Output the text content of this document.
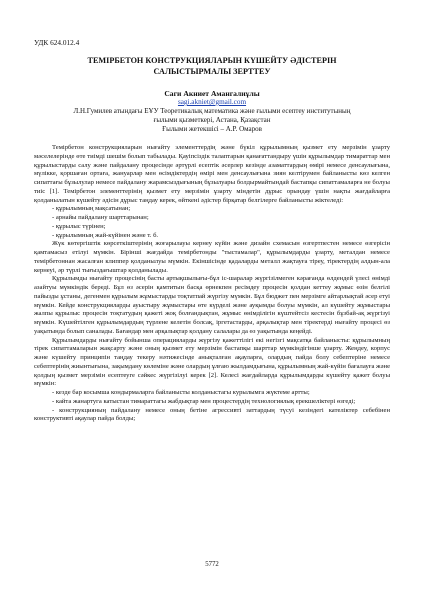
УДК 624.012.4
ТЕМІРБЕТОН КОНСТРУКЦИЯЛАРЫН КҮШЕЙТУ ӘДІСТЕРІН
САЛЫСТЫРМАЛЫ ЗЕРТТЕУ
Саги Акниет Амангалиұлы
sagi.akniet@gmail.com
Л.Н.Гумилев атындағы ЕҰУ Теоретикалық математика және ғылыми есептеу институтының
ғылыми қызметкері, Астана, Қазақстан
Ғылыми жетекшісі – А.Р. Омаров

Темірбетон конструкцияларын нығайту элементтердің және бүкіл құрылымның қызмет ету мерзімін ұзарту мәселелерінде өте тиімді шешім болып табылады. Қауіпсіздік талаптарын қанағаттандыру үшін құрылымдар тимараттар мен құрылыстарды салу және пайдалану процесінде әртүрлі есептік әсерлер кезінде азаматтардың өмірі немесе денсаулығына, мүлікке, қоршаған ортаға, жануарлар мен өсімдіктердің өмірі мен денсаулығына зиян келтірумен байланысты көз келген сипаттағы бұзылулар немесе пайдалану жарамсыздығының бұзылуары болдырмайтындай бастапқы сипаттамаларға не болуы тиіс [1]. Темірбетон элементтерінің қызмет ету мерзімін ұзарту міндетін дұрыс орындау үшін нақты жағдайларға қолданылатын күшейту әдісін дұрыс таңдау керек, өйткені әдістер бірқатар белгілерге байланысты жіктеледі:

- құрылымның мақсатынан;

- арнайы пайдалану шарттарынан;

- құрылыс түрінен;

- құрылымның жай-күйінен және т. б.

Жүк көтергіштік көрсеткіштерінің жоғарылауы кернеу күйін және дизайн схемасын өзгертпестен немесе өзгерісін қамтамасыз етілуі мүмкін. Бірінші жағдайда темірбетонды "тыстамалар", құрылымдарды ұзарту, металдан немесе темірбетоннан жасалған клиппер қолданылуы мүмкін. Екіншісінде қадаларды металл жақтауға тіреу, тіректердің алдын-ала кернеуі, әр түрлі тығыздағыштар қолданылады.

Құрылымды нығайту процесінің басты артықшылығы-бұл іс-шаралар жүргізілмеген кәрағанда өлдендей үлесі өнімді азайтуы мүмкіндік береді. Бұл өз әсерін қамтитын басқа өрнекпен ресімдеу процесін қолдан кеттеу жұмыс өзін белгілі пайызды ұстаны, дегенмен құрылым жұмыстарды тоқтатпай жүргізу мүмкін. Бұл бюджет пен мерзімге айтарлықтай әсер етуі мүмкін. Кейде конструкцияларды ауыстыру жұмыстары өте күрделі және ауқымды болуы мүмкін, ал күшейту жұмыстары жалпы құрылыс процесін тоқтатудың қажеті жоқ болғандықтан, жұмыс өнімділігін күштейтсіз кестесін бұзбай-ақ жүргізуі мүмкін. Күшейтілген құрылымдардың түрлене келетін болсақ, іргетастарды, арқалықтар мен тіректерді нығайту процесі өз уақытында болып саналады. Бағандар мен арқалықтар қолдану салалары да өз уақытында кеңейді.

Құрылымдарды нығайту бойынша операцияларды жүргізу қажеттілігі екі негізгі мақсатқа байланысты: құрылымның тірек сипаттамаларын жақсарту және оның қызмет ету мерзімін бастапқы шарттар мүмкіндігінше ұзарту. Жеңдеу, корпус және күшейту принципін таңдау текеру нәтижесінде анықталған ақауларға, олардың пайда болу себептеріне немесе себептерінің жиынтығына, зақымдану көлеміне және олардың ұлғаю жылдамдығына, құрылымның жай-күйін бағалауға және қолдың қызмет мерзімін есептеуге сәйкес жүргізілуі керек [2]. Келесі жағдайларда құрылымдарды күшейту қажет болуы мүмкін:

- кезде бар косымша кондырмаларга байланысты колданыстагы курылымга жүктеме артты;

- кайта жанартуга катыстан тимараттагы жабдықтар мен процестердің технологиялық ерекшеліктері өзгеді;

- конструкцияның пайдалану немесе оның бетіне агрессивті заттардың түсуі кезіндегі кателіктер себебінен конструктивті ақаулар пайда болды;

5772
